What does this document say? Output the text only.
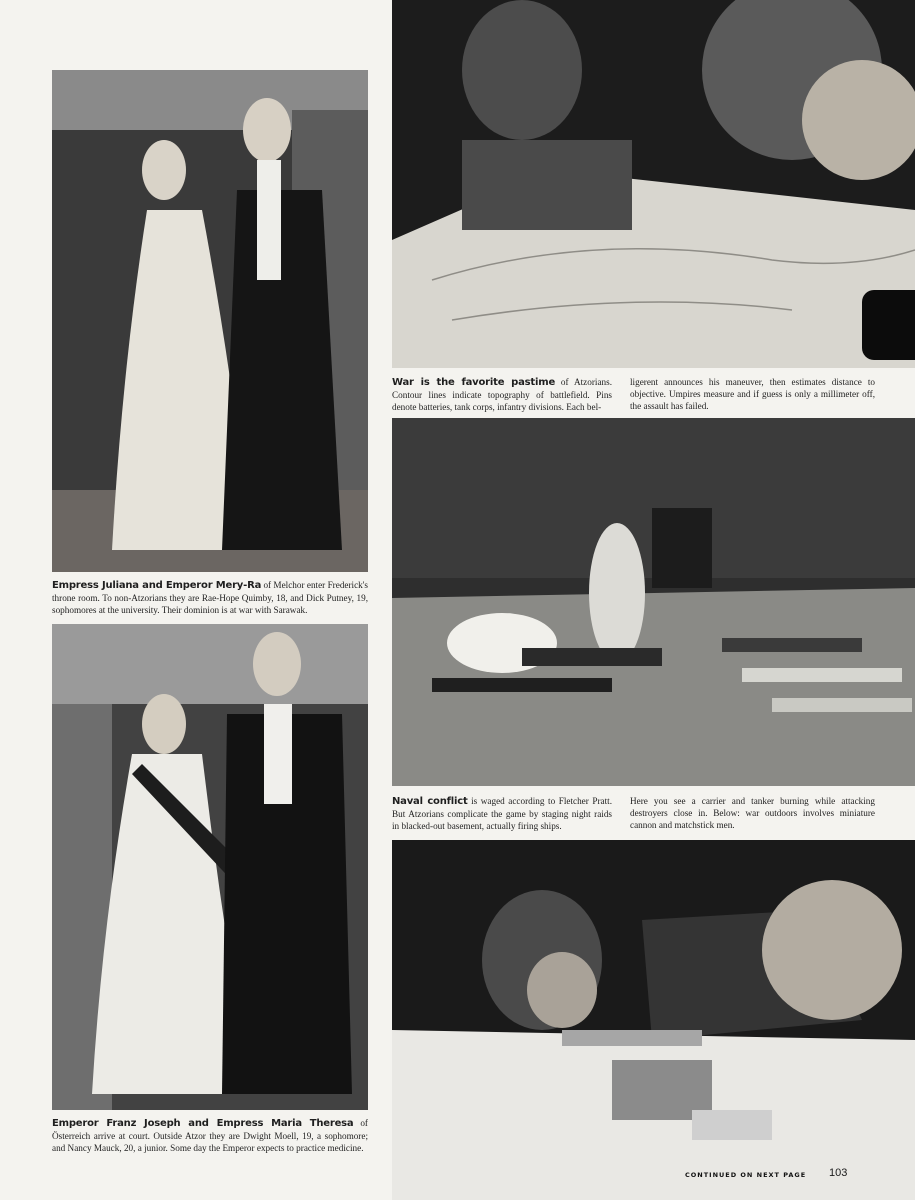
Empress Juliana and Emperor Mery-Ra of Melchor enter Frederick's throne room. To non-Atzorians they are Rae-Hope Quimby, 18, and Dick Putney, 19, sophomores at the university. Their dominion is at war with Sarawak.
Emperor Franz Joseph and Empress Maria Theresa of Österreich arrive at court. Outside Atzor they are Dwight Moell, 19, a sophomore; and Nancy Mauck, 20, a junior. Some day the Emperor expects to practice medicine.
War is the favorite pastime of Atzorians. Contour lines indicate topography of battlefield. Pins denote batteries, tank corps, infantry divisions. Each bel-
ligerent announces his maneuver, then estimates distance to objective. Umpires measure and if guess is only a millimeter off, the assault has failed.
Naval conflict is waged according to Fletcher Pratt. But Atzorians complicate the game by staging night raids in blacked-out basement, actually firing ships.
Here you see a carrier and tanker burning while attacking destroyers close in. Below: war outdoors involves miniature cannon and matchstick men.
CONTINUED ON NEXT PAGE 103
